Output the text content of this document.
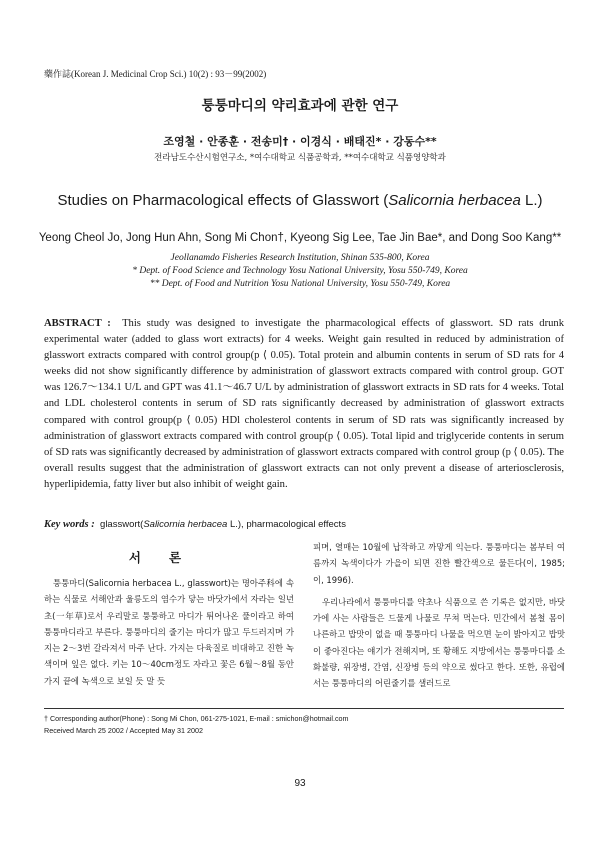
藥作誌(Korean J. Medicinal Crop Sci.) 10(2) : 93－99(2002)
퉁퉁마디의 약리효과에 관한 연구
조영철 · 안종훈 · 전송미† · 이경식 · 배태진* · 강동수**
전라남도수산시험연구소, *여수대학교 식품공학과, **여수대학교 식품영양학과
Studies on Pharmacological effects of Glasswort (Salicornia herbacea L.)
Yeong Cheol Jo, Jong Hun Ahn, Song Mi Chon†, Kyeong Sig Lee, Tae Jin Bae*, and Dong Soo Kang**
Jeollanamdo Fisheries Research Institution, Shinan 535-800, Korea
* Dept. of Food Science and Technology Yosu National University, Yosu 550-749, Korea
** Dept. of Food and Nutrition Yosu National University, Yosu 550-749, Korea
ABSTRACT : This study was designed to investigate the pharmacological effects of glasswort. SD rats drunk experimental water (added to glass wort extracts) for 4 weeks. Weight gain resulted in reduced by administration of glasswort extracts compared with control group(p ⟨ 0.05). Total protein and albumin contents in serum of SD rats for 4 weeks did not show significantly difference by administration of glasswort extracts compared with control group. GOT was 126.7～134.1 U/L and GPT was 41.1～46.7 U/L by administration of glasswort extracts in SD rats for 4 weeks. Total and LDL cholesterol contents in serum of SD rats significantly decreased by administration of glasswort extracts compared with control group(p ⟨ 0.05) HDl cholesterol contents in serum of SD rats was significantly increased by administration of glasswort extracts compared with control group(p ⟨ 0.05). Total lipid and triglyceride contents in serum of SD rats was significantly decreased by administration of glasswort extracts compared with control group (p ⟨ 0.05). The overall results suggest that the administration of glasswort extracts can not only prevent a disease of arteriosclerosis, hyperlipidemia, fatty liver but also inhibit of weight gain.
Key words : glasswort(Salicornia herbacea L.), pharmacological effects
서론

퉁퉁마디(Salicornia herbacea L., glasswort)는 명아주科에 속하는 식물로 서해안과 울릉도의 염수가 닿는 바닷가에서 자라는 일년초(一年草)로서 우리말로 퉁퉁하고 마디가 튀어나온 풀이라고 하여 퉁퉁마디라고 부른다. 퉁퉁마디의 줄기는 마디가 많고 두드러지며 가지는 2～3번 갈라져서 마주 난다. 가지는 다육질로 비대하고 진한 녹색이며 잎은 없다. 키는 10～40cm정도 자라고 꽃은 6월～8월 동안 가지 끝에 녹색으로 보일 듯 말 듯

피며, 열매는 10월에 납작하고 까맣게 익는다. 퉁퉁마디는 봄부터 여름까지 녹색이다가 가을이 되면 진한 빨간색으로 물든다(이, 1985; 이, 1996).

우리나라에서 퉁퉁마디를 약초나 식품으로 쓴 기록은 없지만, 바닷가에 사는 사람들은 드물게 나물로 무쳐 먹는다. 민간에서 봄철 몸이 나른하고 밥맛이 없을 때 퉁퉁마디 나물을 먹으면 눈이 밝아지고 밥맛이 좋아진다는 얘기가 전해지며, 또 황해도 지방에서는 퉁퉁마디를 소화불량, 위장병, 간염, 신장병 등의 약으로 썼다고 한다. 또한, 유럽에서는 퉁퉁마디의 어린줄기를 샐러드로

† Corresponding author(Phone) : Song Mi Chon, 061-275-1021, E-mail : smichon@hotmail.com
Received March 25 2002 / Accepted May 31 2002
93
